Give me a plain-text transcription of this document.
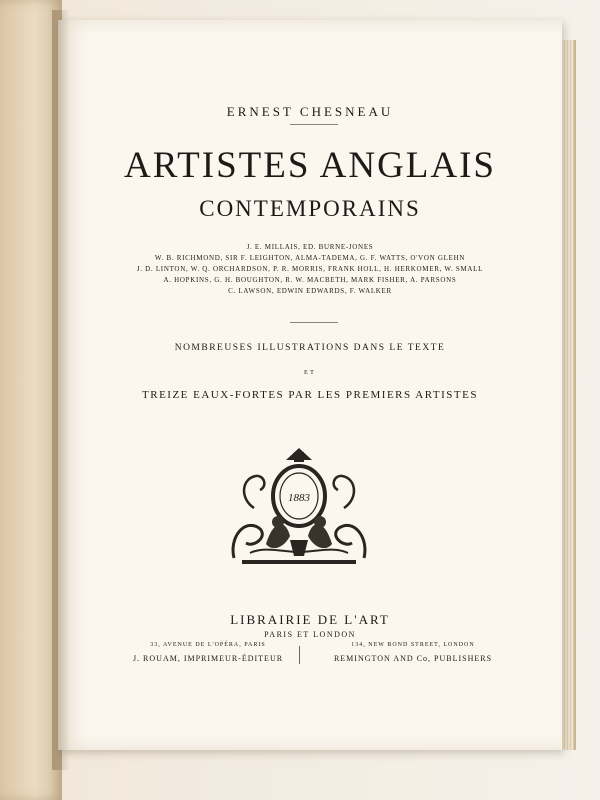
ERNEST CHESNEAU
ARTISTES ANGLAIS
CONTEMPORAINS
J. E. MILLAIS, ED. BURNE-JONES
W. B. RICHMOND, SIR F. LEIGHTON, ALMA-TADEMA, G. F. WATTS, O'VON GLEHN
J. D. LINTON, W. Q. ORCHARDSON, P. R. MORRIS, FRANK HOLL, H. HERKOMER, W. SMALL
A. HOPKINS, G. H. BOUGHTON, R. W. MACBETH, MARK FISHER, A. PARSONS
C. LAWSON, EDWIN EDWARDS, F. WALKER
NOMBREUSES ILLUSTRATIONS DANS LE TEXTE
ET
TREIZE EAUX-FORTES PAR LES PREMIERS ARTISTES
1883
LIBRAIRIE DE L'ART
PARIS ET LONDON
33, AVENUE DE L'OPÉRA, PARIS
J. ROUAM, IMPRIMEUR-ÉDITEUR
134, NEW BOND STREET, LONDON
REMINGTON AND Co, PUBLISHERS
